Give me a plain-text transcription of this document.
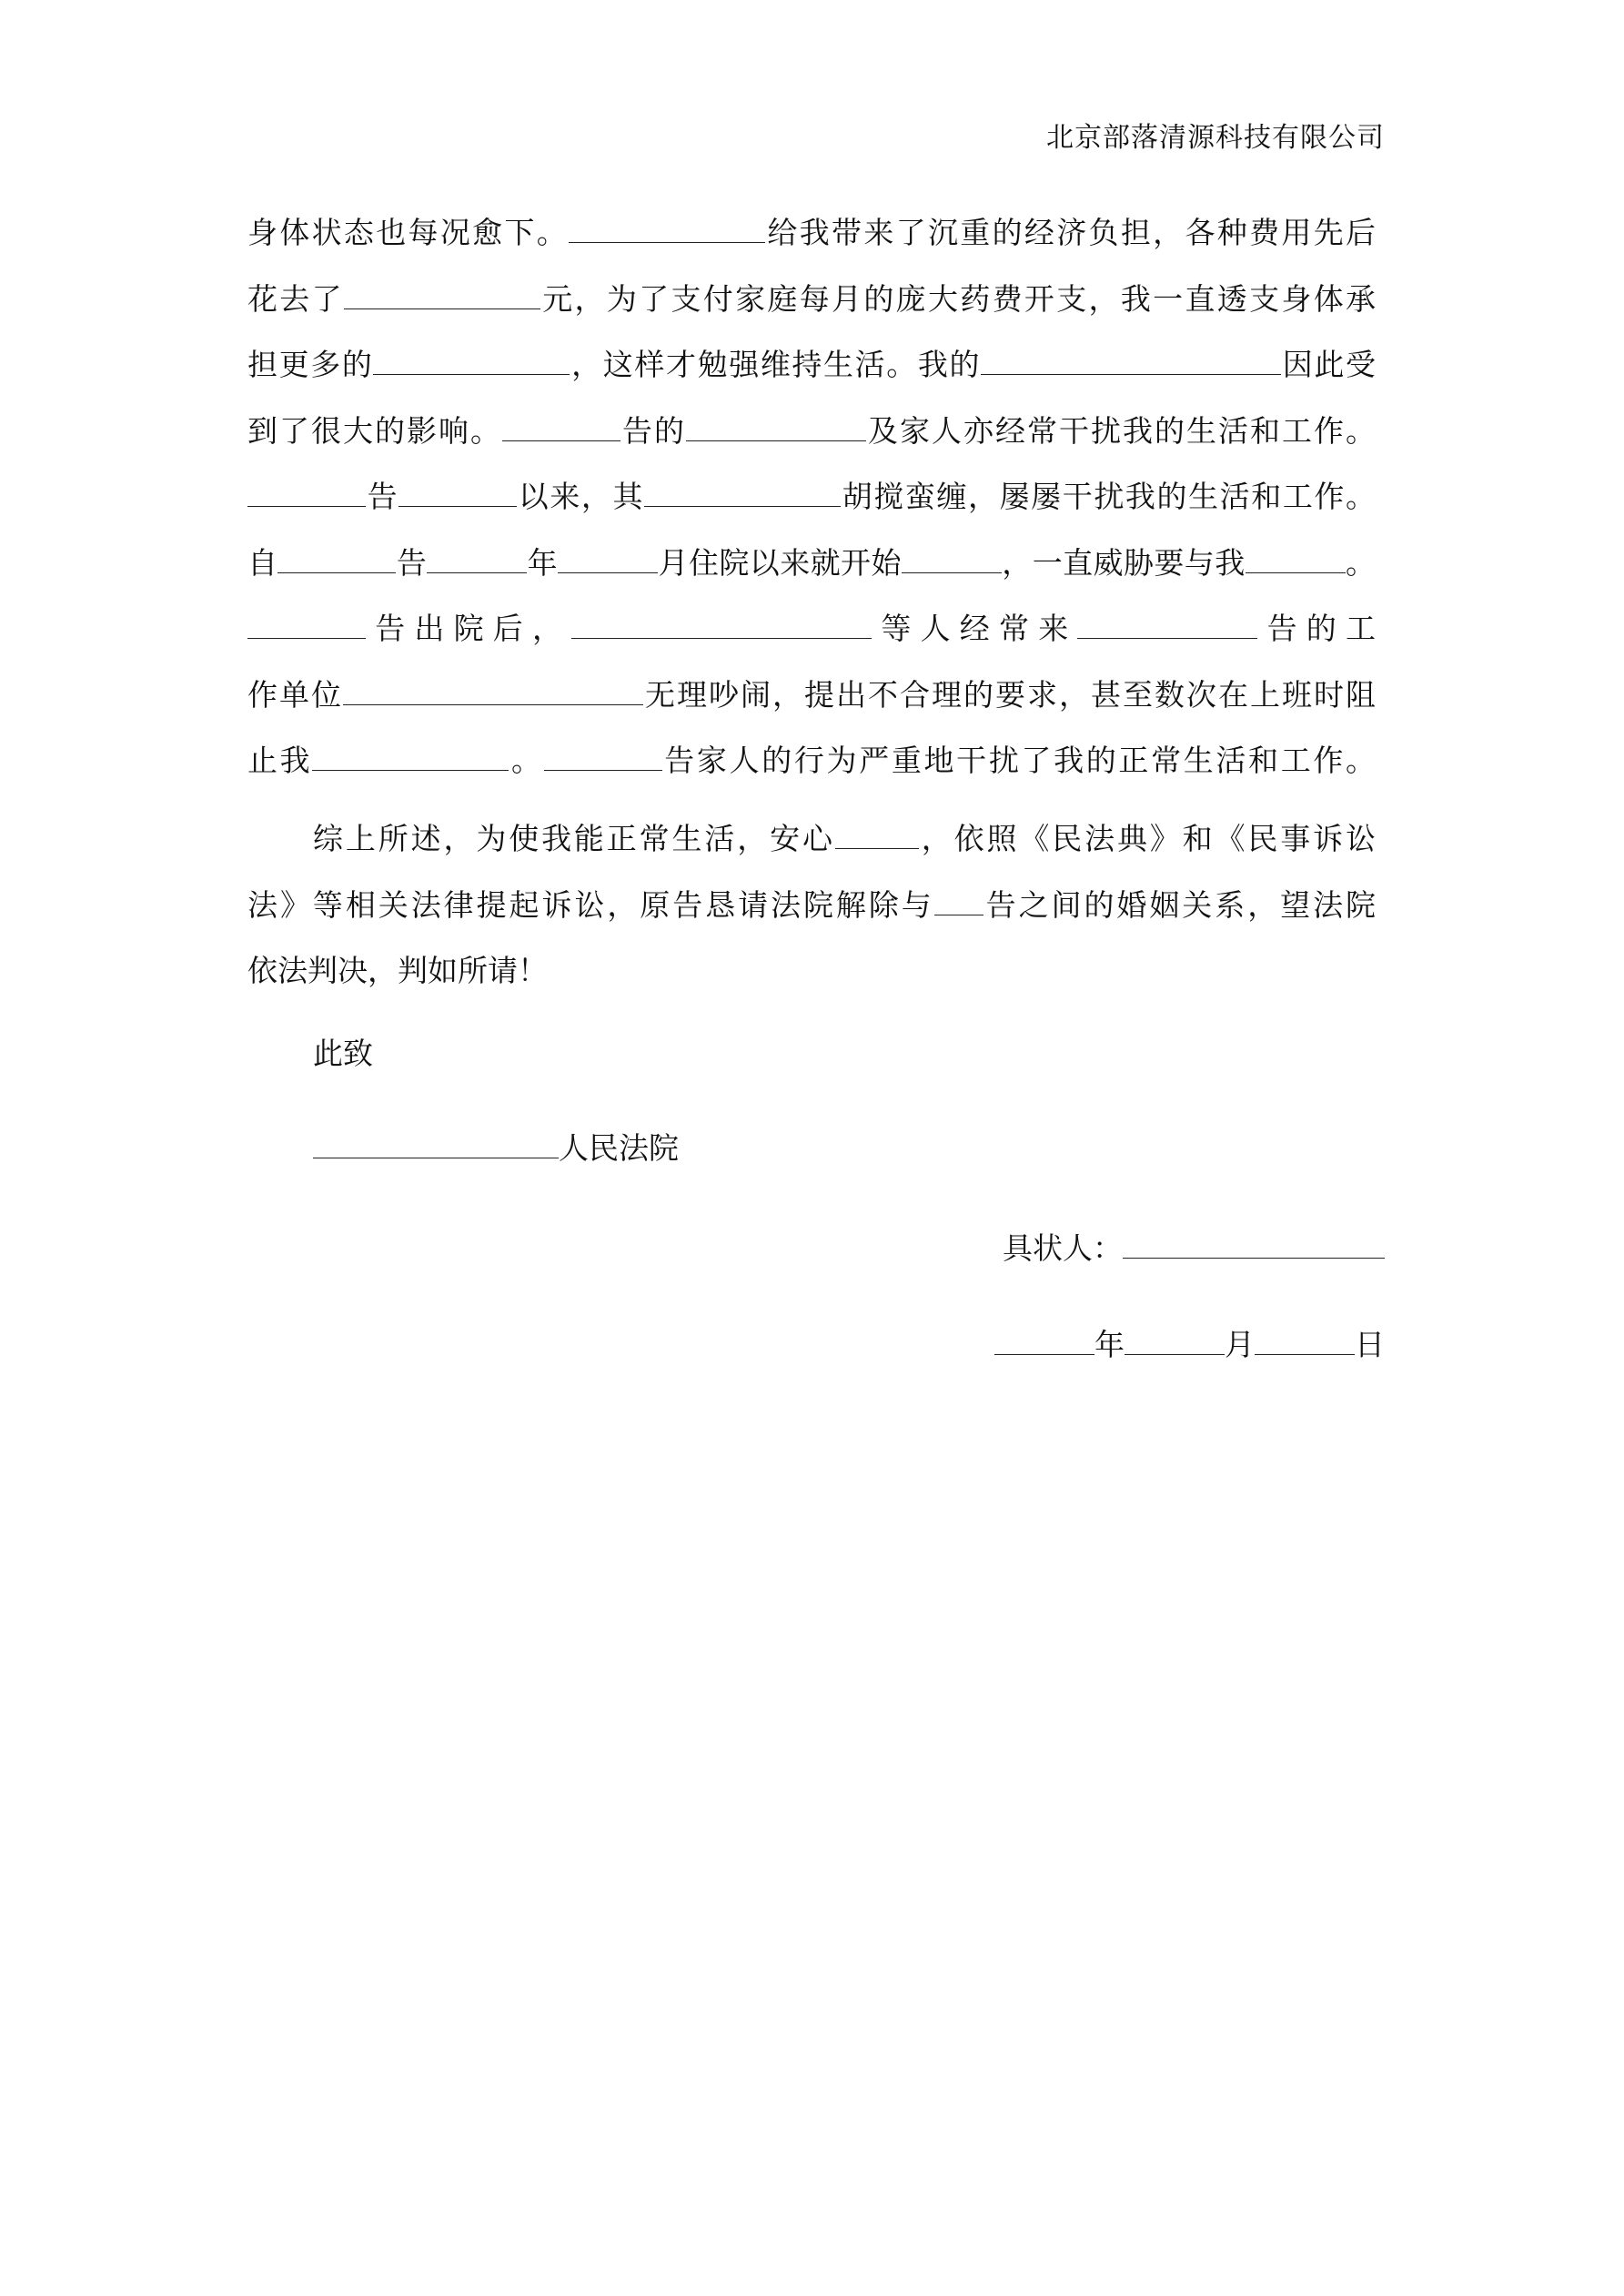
北京部落清源科技有限公司
身体状态也每况愈下。	给我带来了沉重的经济负担，各种费用先后
花去了	元，为了支付家庭每月的庞大药费开支，我一直透支身体承
担更多的	，这样才勉强维持生活。我的	因此受
到了很大的影响。	告的	及家人亦经常干扰我的生活和工作。
告	以来，其	胡搅蛮缠，屡屡干扰我的生活和工作。
自	告	年	月住院以来就开始	，一直威胁要与我	。
告出院后，	等人经常来	告的工
作单位	无理吵闹，提出不合理的要求，甚至数次在上班时阻
止我	。	告家人的行为严重地干扰了我的正常生活和工作。
综上所述，为使我能正常生活，安心	，依照《民法典》和《民事诉讼
法》等相关法律提起诉讼，原告恳请法院解除与 告之间的婚姻关系，望法院
依法判决，判如所请！
此致
人民法院
具状人：
年	月	日
